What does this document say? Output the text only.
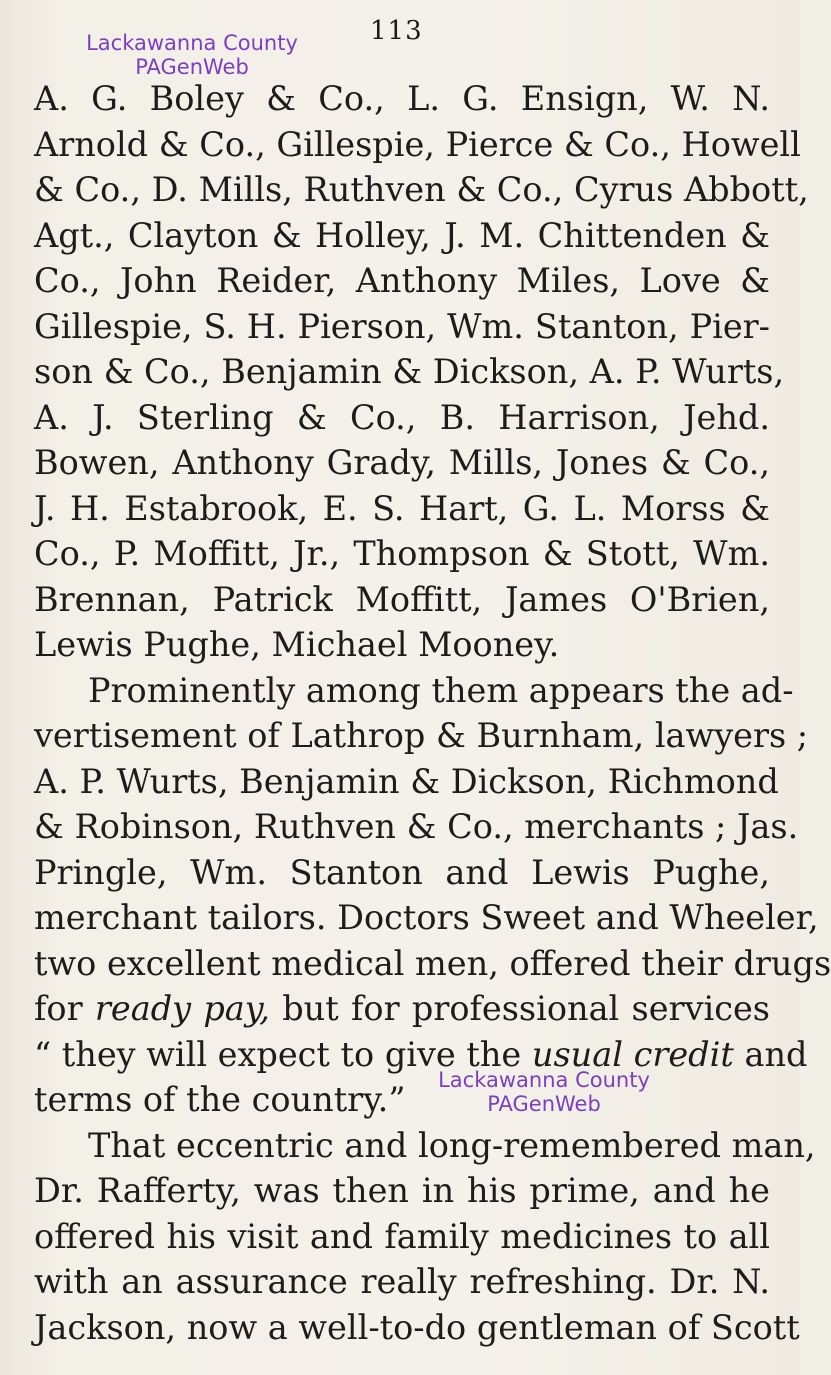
113
Lackawanna County
PAGenWeb
A. G. Boley & Co., L. G. Ensign, W. N.
Arnold & Co., Gillespie, Pierce & Co., Howell
& Co., D. Mills, Ruthven & Co., Cyrus Abbott,
Agt., Clayton & Holley, J. M. Chittenden &
Co., John Reider, Anthony Miles, Love &
Gillespie, S. H. Pierson, Wm. Stanton, Pier-
son & Co., Benjamin & Dickson, A. P. Wurts,
A. J. Sterling & Co., B. Harrison, Jehd.
Bowen, Anthony Grady, Mills, Jones & Co.,
J. H. Estabrook, E. S. Hart, G. L. Morss &
Co., P. Moffitt, Jr., Thompson & Stott, Wm.
Brennan, Patrick Moffitt, James O'Brien,
Lewis Pughe, Michael Mooney.
Prominently among them appears the ad-
vertisement of Lathrop & Burnham, lawyers ;
A. P. Wurts, Benjamin & Dickson, Richmond
& Robinson, Ruthven & Co., merchants ; Jas.
Pringle, Wm. Stanton and Lewis Pughe,
merchant tailors. Doctors Sweet and Wheeler,
two excellent medical men, offered their drugs
for ready pay, but for professional services
“ they will expect to give the usual credit and
terms of the country.”
That eccentric and long-remembered man,
Dr. Rafferty, was then in his prime, and he
offered his visit and family medicines to all
with an assurance really refreshing. Dr. N.
Jackson, now a well-to-do gentleman of Scott
Lackawanna County
PAGenWeb
